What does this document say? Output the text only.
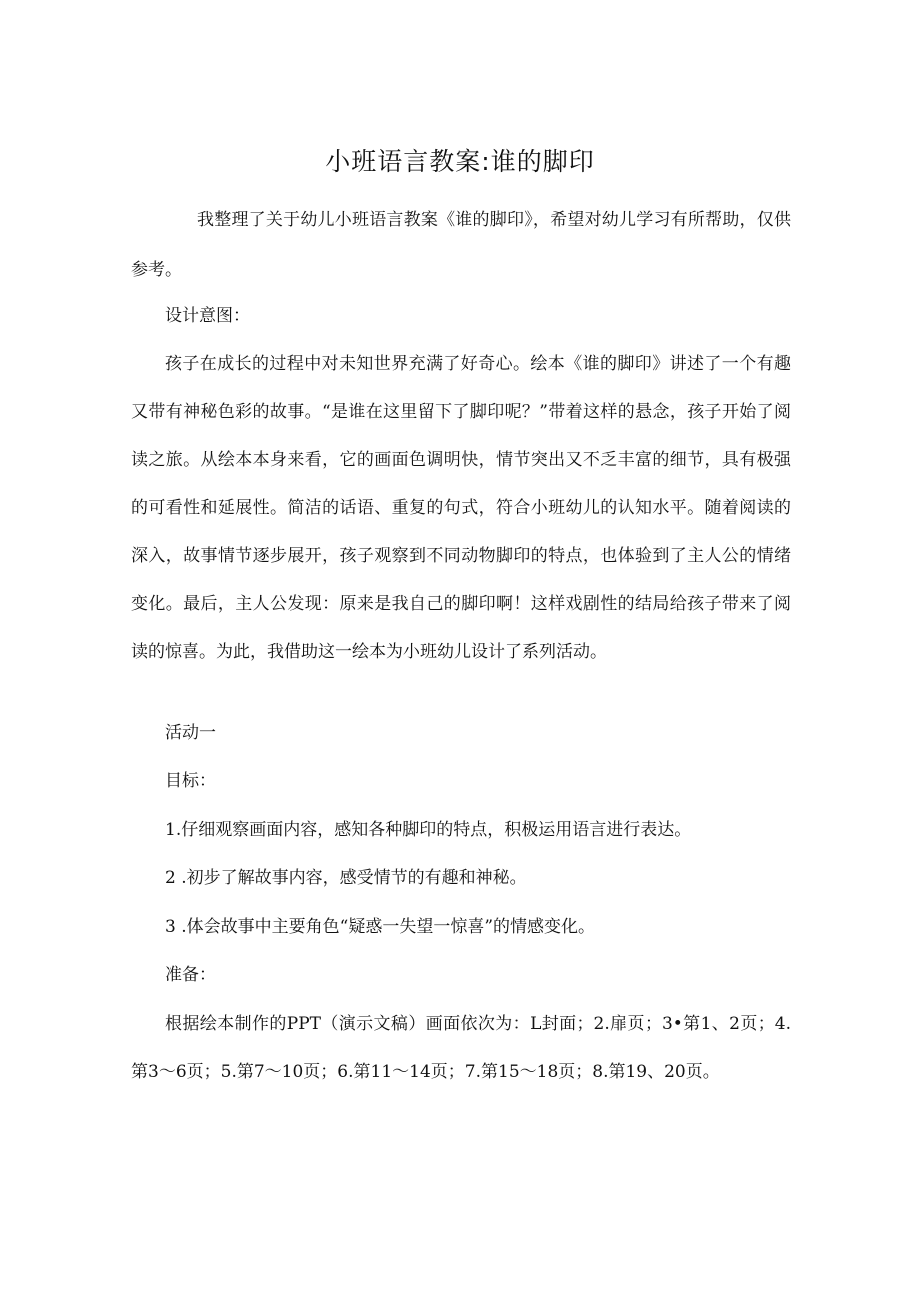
小班语言教案:谁的脚印

我整理了关于幼儿小班语言教案《谁的脚印》，希望对幼儿学习有所帮助，仅供参考。

设计意图：

孩子在成长的过程中对未知世界充满了好奇心。绘本《谁的脚印》讲述了一个有趣又带有神秘色彩的故事。“是谁在这里留下了脚印呢？”带着这样的悬念，孩子开始了阅读之旅。从绘本本身来看，它的画面色调明快，情节突出又不乏丰富的细节，具有极强的可看性和延展性。简洁的话语、重复的句式，符合小班幼儿的认知水平。随着阅读的深入，故事情节逐步展开，孩子观察到不同动物脚印的特点，也体验到了主人公的情绪变化。最后，主人公发现：原来是我自己的脚印啊！这样戏剧性的结局给孩子带来了阅读的惊喜。为此，我借助这一绘本为小班幼儿设计了系列活动。

活动一

目标：

1.仔细观察画面内容，感知各种脚印的特点，积极运用语言进行表达。

2 .初步了解故事内容，感受情节的有趣和神秘。

3 .体会故事中主要角色“疑惑一失望一惊喜”的情感变化。

准备：

根据绘本制作的PPT（演示文稿）画面依次为：L封面；2.扉页；3•第1、2页；4.第3～6页；5.第7～10页；6.第11～14页；7.第15～18页；8.第19、20页。
